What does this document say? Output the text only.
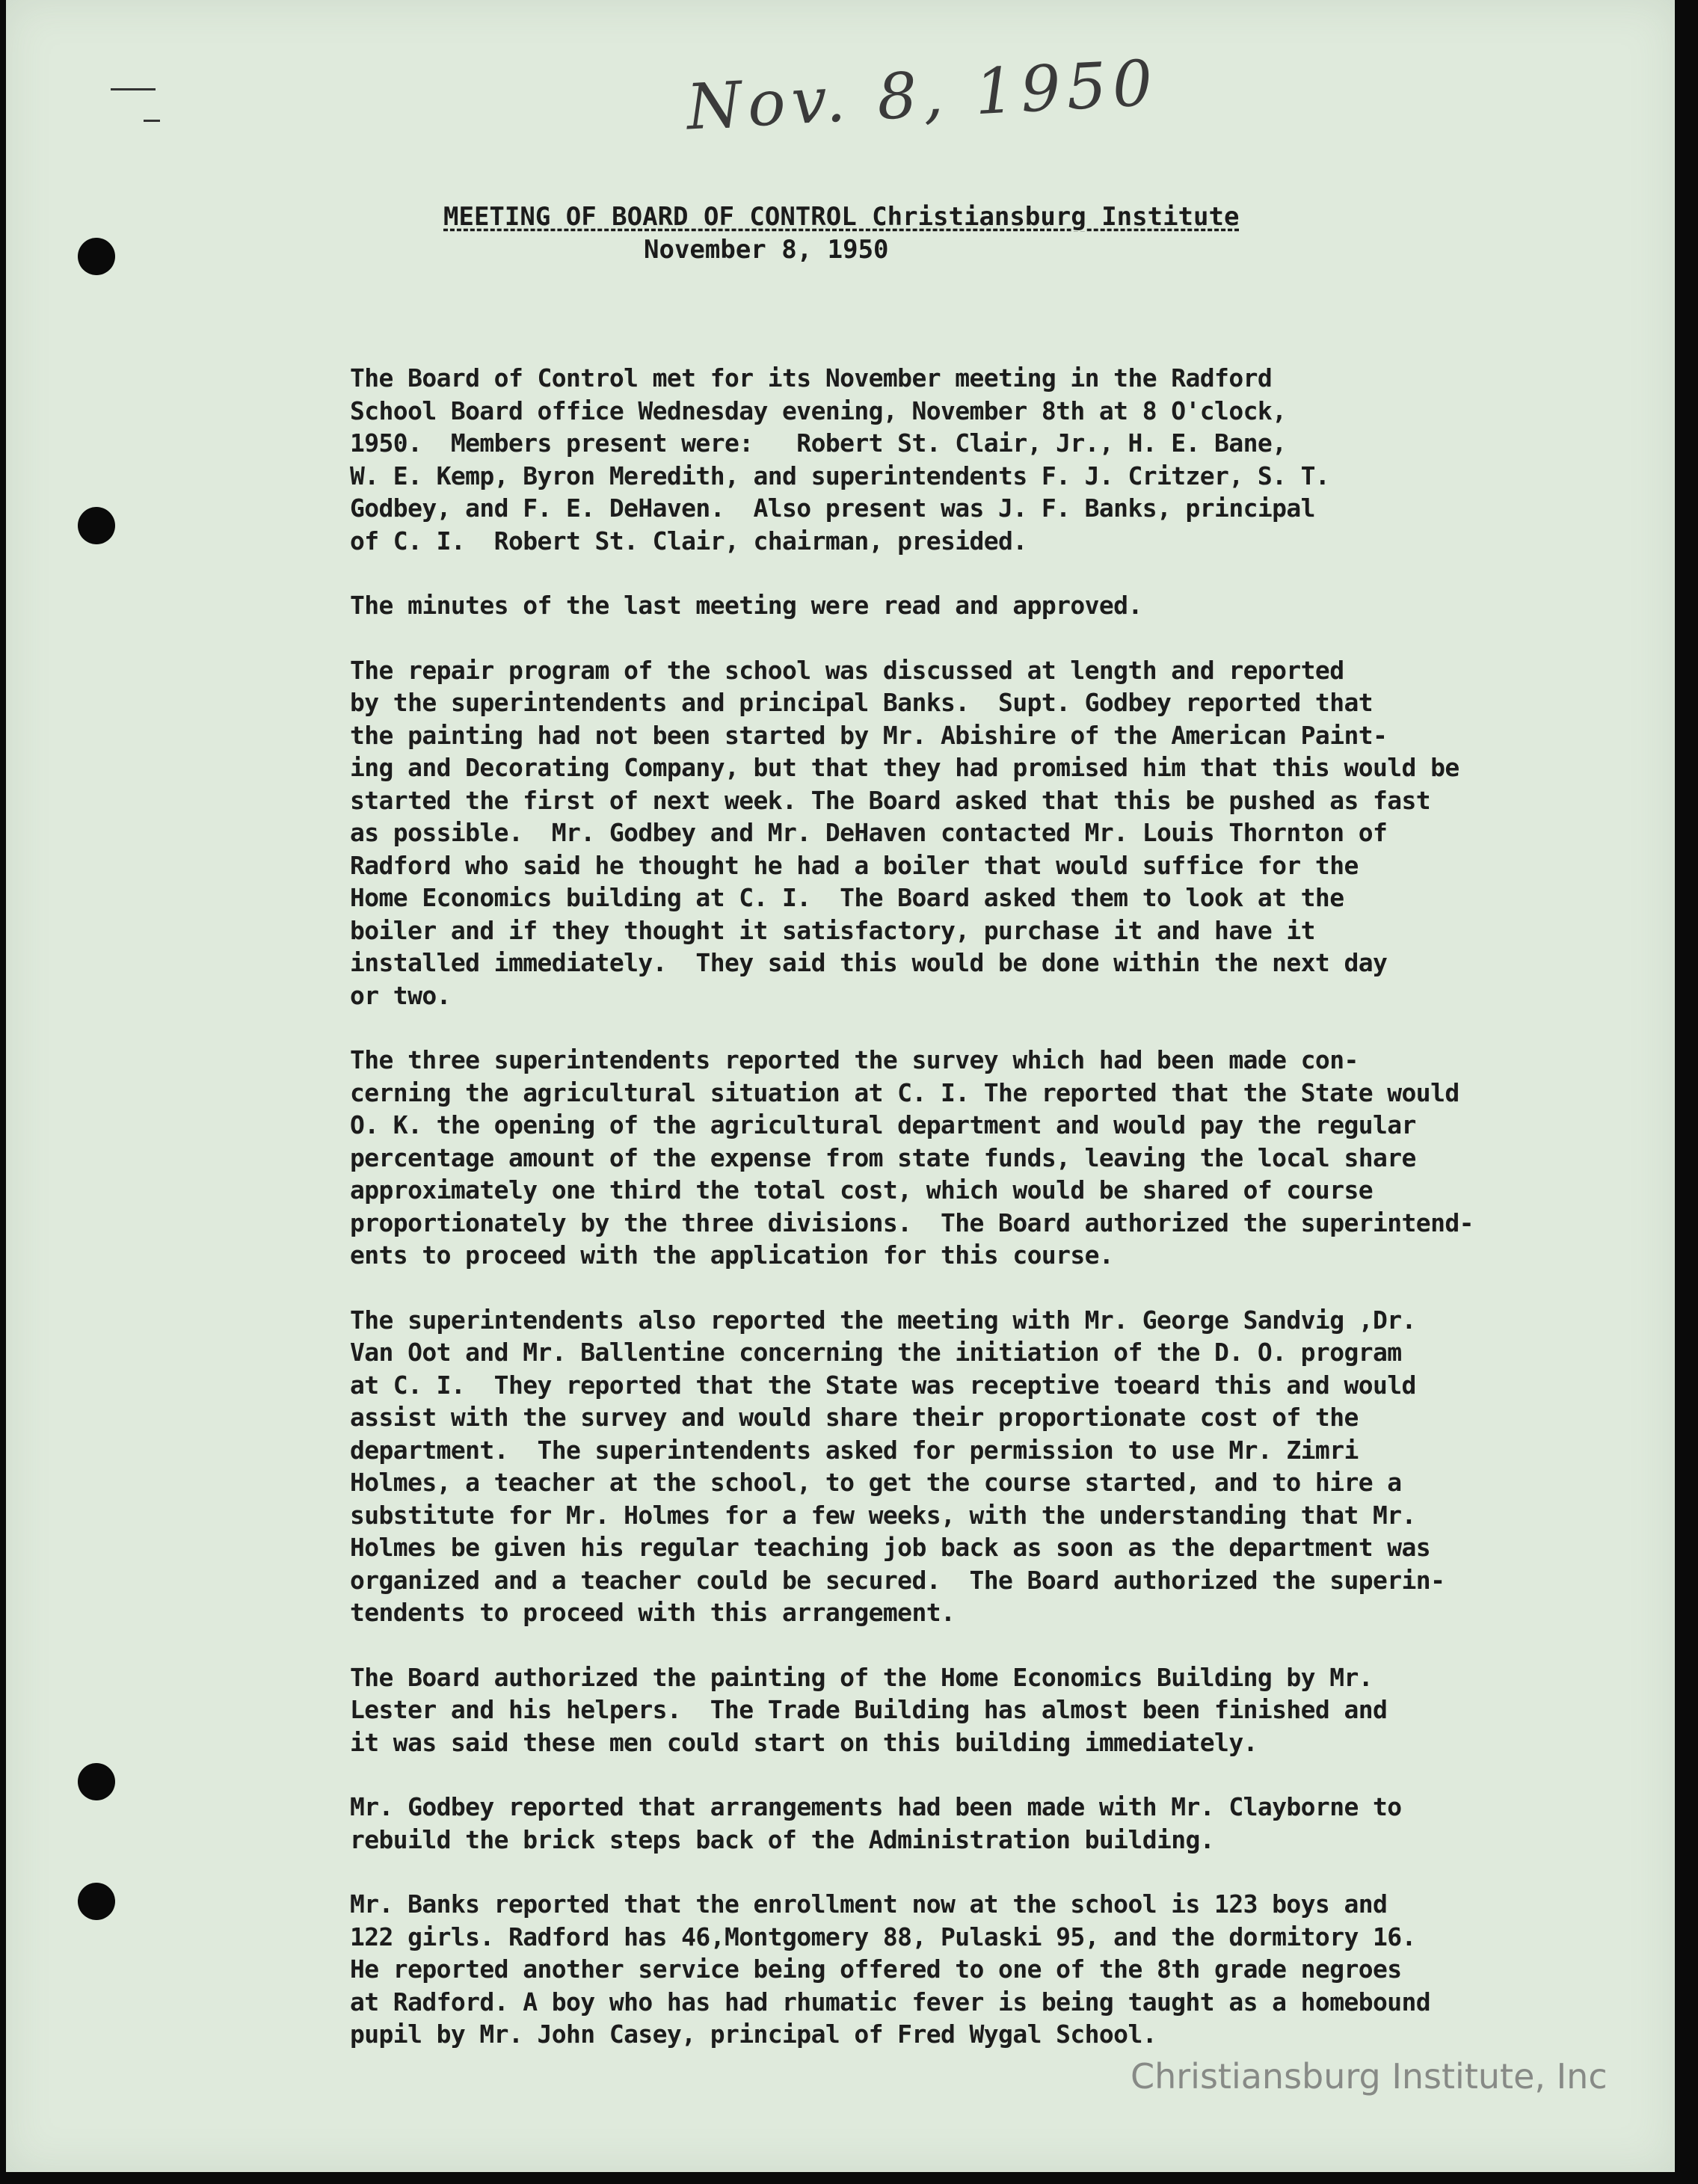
Nov. 8, 1950
MEETING OF BOARD OF CONTROL Christiansburg Institute
November 8, 1950
The Board of Control met for its November meeting in the Radford
School Board office Wednesday evening, November 8th at 8 O'clock,
1950.  Members present were:   Robert St. Clair, Jr., H. E. Bane,
W. E. Kemp, Byron Meredith, and superintendents F. J. Critzer, S. T.
Godbey, and F. E. DeHaven.  Also present was J. F. Banks, principal
of C. I.  Robert St. Clair, chairman, presided.
The minutes of the last meeting were read and approved.
The repair program of the school was discussed at length and reported
by the superintendents and principal Banks.  Supt. Godbey reported that
the painting had not been started by Mr. Abishire of the American Paint-
ing and Decorating Company, but that they had promised him that this would be
started the first of next week. The Board asked that this be pushed as fast
as possible.  Mr. Godbey and Mr. DeHaven contacted Mr. Louis Thornton of
Radford who said he thought he had a boiler that would suffice for the
Home Economics building at C. I.  The Board asked them to look at the
boiler and if they thought it satisfactory, purchase it and have it
installed immediately.  They said this would be done within the next day
or two.
The three superintendents reported the survey which had been made con-
cerning the agricultural situation at C. I. The reported that the State would
O. K. the opening of the agricultural department and would pay the regular
percentage amount of the expense from state funds, leaving the local share
approximately one third the total cost, which would be shared of course
proportionately by the three divisions.  The Board authorized the superintend-
ents to proceed with the application for this course.
The superintendents also reported the meeting with Mr. George Sandvig ,Dr.
Van Oot and Mr. Ballentine concerning the initiation of the D. O. program
at C. I.  They reported that the State was receptive toeard this and would
assist with the survey and would share their proportionate cost of the
department.  The superintendents asked for permission to use Mr. Zimri
Holmes, a teacher at the school, to get the course started, and to hire a
substitute for Mr. Holmes for a few weeks, with the understanding that Mr.
Holmes be given his regular teaching job back as soon as the department was
organized and a teacher could be secured.  The Board authorized the superin-
tendents to proceed with this arrangement.
The Board authorized the painting of the Home Economics Building by Mr.
Lester and his helpers.  The Trade Building has almost been finished and
it was said these men could start on this building immediately.
Mr. Godbey reported that arrangements had been made with Mr. Clayborne to
rebuild the brick steps back of the Administration building.
Mr. Banks reported that the enrollment now at the school is 123 boys and
122 girls. Radford has 46,Montgomery 88, Pulaski 95, and the dormitory 16.
He reported another service being offered to one of the 8th grade negroes
at Radford. A boy who has had rhumatic fever is being taught as a homebound
pupil by Mr. John Casey, principal of Fred Wygal School.
Christiansburg Institute, Inc
